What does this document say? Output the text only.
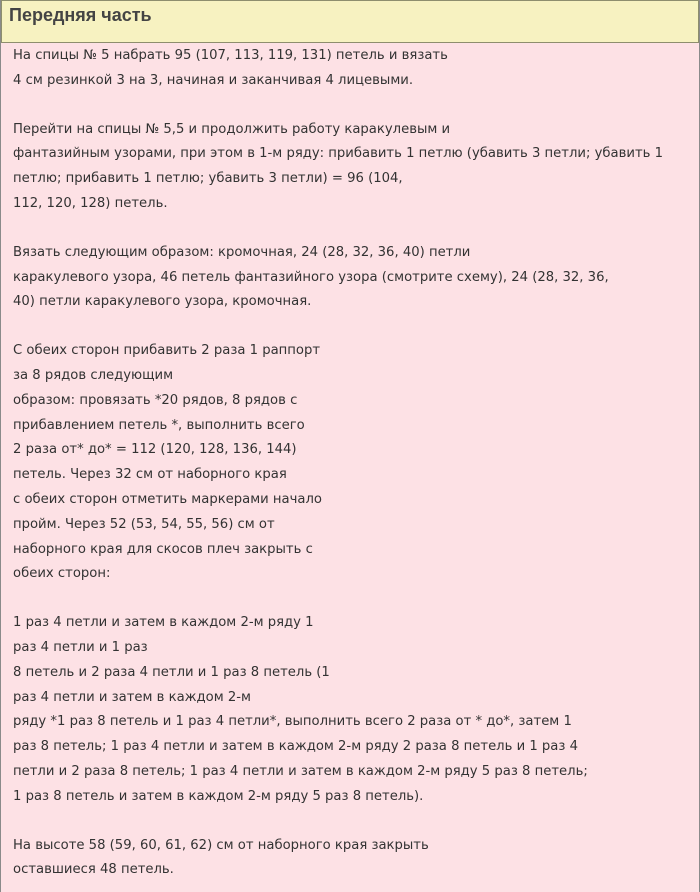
Передняя часть
На спицы № 5 набрать 95 (107, 113, 119, 131) петель и вязать
4 см резинкой 3 на 3, начиная и заканчивая 4 лицевыми.
Перейти на спицы № 5,5 и продолжить работу каракулевым и
фантазийным узорами, при этом в 1-м ряду: прибавить 1 петлю (убавить 3 петли; убавить 1
петлю; прибавить 1 петлю; убавить 3 петли) = 96 (104,
112, 120, 128) петель.
Вязать следующим образом: кромочная, 24 (28, 32, 36, 40) петли
каракулевого узора, 46 петель фантазийного узора (смотрите схему), 24 (28, 32, 36,
40) петли каракулевого узора, кромочная.
С обеих сторон прибавить 2 раза 1 раппорт
за 8 рядов следующим
образом: провязать *20 рядов, 8 рядов с
прибавлением петель *, выполнить всего
2 раза от* до* = 112 (120, 128, 136, 144)
петель. Через 32 см от наборного края
с обеих сторон отметить маркерами начало
пройм. Через 52 (53, 54, 55, 56) см от
наборного края для скосов плеч закрыть с
обеих сторон:
1 раз 4 петли и затем в каждом 2-м ряду 1
раз 4 петли и 1 раз
8 петель и 2 раза 4 петли и 1 раз 8 петель (1
раз 4 петли и затем в каждом 2-м
ряду *1 раз 8 петель и 1 раз 4 петли*, выполнить всего 2 раза от * до*, затем 1
раз 8 петель; 1 раз 4 петли и затем в каждом 2-м ряду 2 раза 8 петель и 1 раз 4
петли и 2 раза 8 петель; 1 раз 4 петли и затем в каждом 2-м ряду 5 раз 8 петель;
1 раз 8 петель и затем в каждом 2-м ряду 5 раз 8 петель).
На высоте 58 (59, 60, 61, 62) см от наборного края закрыть
оставшиеся 48 петель.
